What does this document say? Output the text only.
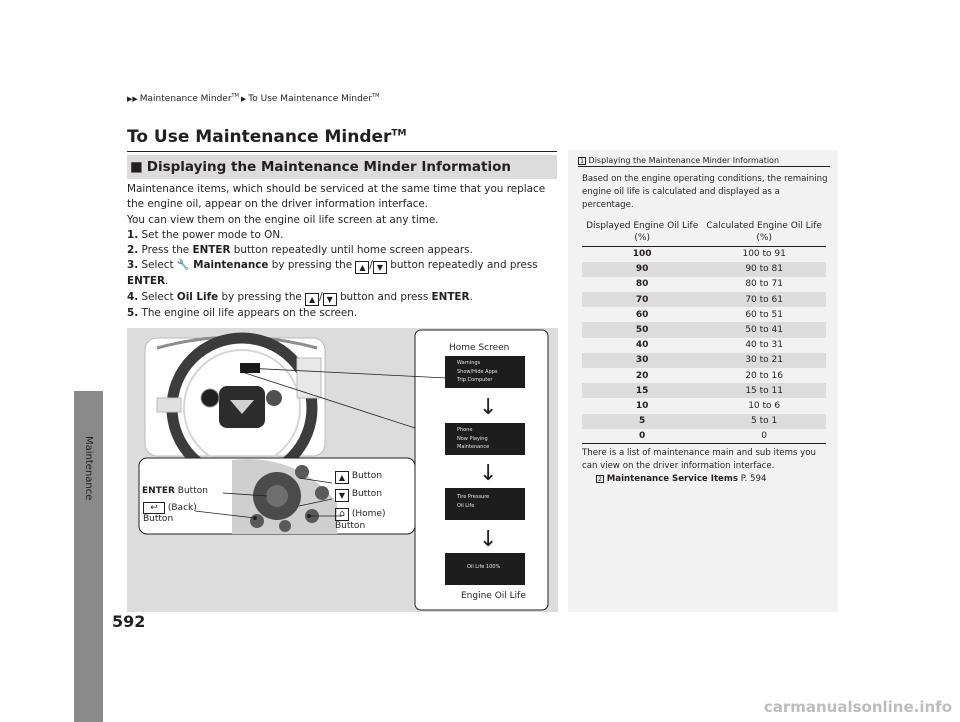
Maintenance
592
▶▶ Maintenance Minder™ ▶ To Use Maintenance Minder™
To Use Maintenance Minder™
■ Displaying the Maintenance Minder Information

Maintenance items, which should be serviced at the same time that you replace the engine oil, appear on the driver information interface.

You can view them on the engine oil life screen at any time.

1. Set the power mode to ON.

2. Press the ENTER button repeatedly until home screen appears.

3. Select 🔧 Maintenance by pressing the ▲ / ▼ button repeatedly and press ENTER.

4. Select Oil Life by pressing the ▲ / ▼ button and press ENTER.

5. The engine oil life appears on the screen.

↓
↓
↓
Warnings
Show/Hide Apps
Trip Computer
Phone
Now Playing
Maintenance
Tire Pressure
Oil Life
Oil Life 100%
Home Screen
Engine Oil Life
ENTER Button
↩ (Back)
Button
▲ Button
▼ Button
⌂ (Home)
Button
1 Displaying the Maintenance Minder Information
Based on the engine operating conditions, the remaining engine oil life is calculated and displayed as a percentage.
Displayed Engine Oil Life (%)	Calculated Engine Oil Life (%)
100	100 to 91
90	90 to 81
80	80 to 71
70	70 to 61
60	60 to 51
50	50 to 41
40	40 to 31
30	30 to 21
20	20 to 16
15	15 to 11
10	10 to 6
5	5 to 1
0	0
There is a list of maintenance main and sub items you can view on the driver information interface.
2 Maintenance Service Items P. 594
carmanualsonline.info
